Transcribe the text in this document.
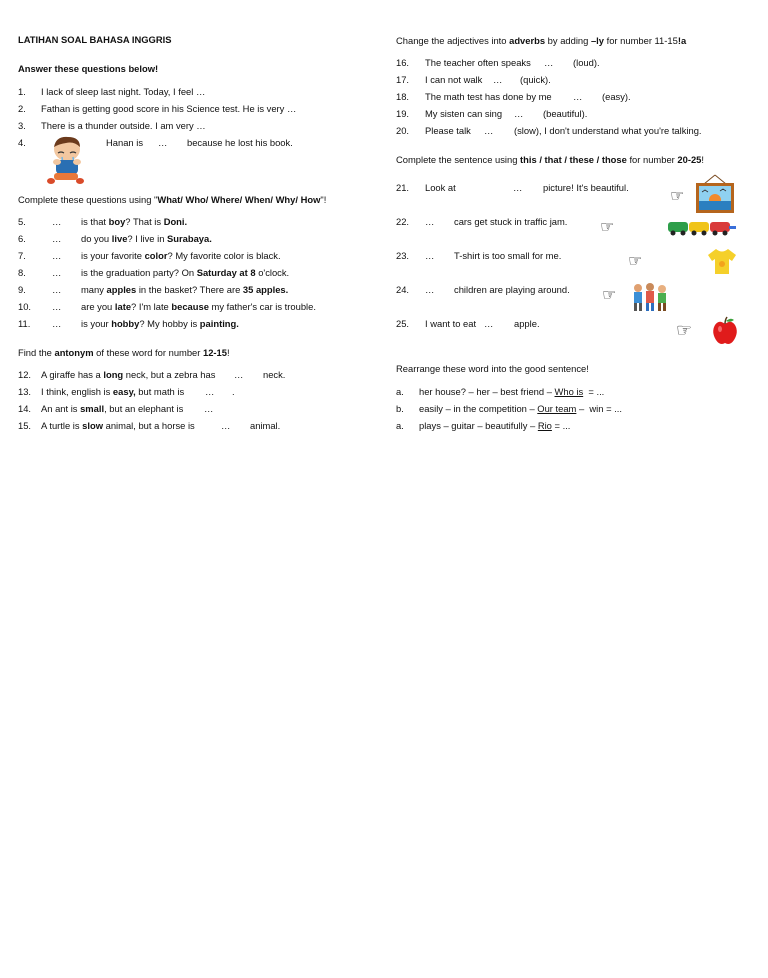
LATIHAN SOAL BAHASA INGGRIS
Answer these questions below!
1. I lack of sleep last night. Today, I feel …
2. Fathan is getting good score in his Science test. He is very …
3. There is a thunder outside. I am very …
4.	Hanan is … because he lost his book.
Complete these questions using "What/ Who/ Where/ When/ Why/ How"!
5.	… is that boy? That is Doni.
6.	… do you live? I live in Surabaya.
7.	… is your favorite color? My favorite color is black.
8.	… is the graduation party? On Saturday at 8 o'clock.
9.	… many apples in the basket? There are 35 apples.
10. … are you late? I'm late because my father's car is trouble.
11. … is your hobby? My hobby is painting.
Find the antonym of these word for number 12-15!
12. A giraffe has a long neck, but a zebra has … neck.
13. I think, english is easy, but math is … .
14. An ant is small, but an elephant is …
15. A turtle is slow animal, but a horse is	… animal.
Change the adjectives into adverbs by adding –ly for number 11-15!a
16. The teacher often speaks … (loud).
17. I can not walk … (quick).
18. The math test has done by me … (easy).
19. My sisten can sing … (beautiful).
20. Please talk … (slow), I don't understand what you're talking.
Complete the sentence using this / that / these / those for number 20-25!
21. Look at	… picture! It's beautiful.	☞
22. … cars get stuck in traffic jam. ☞
23. … T-shirt is too small for me.	☞
24. … children are playing around. ☞
25. I want to eat … apple.	☞
Rearrange these word into the good sentence!
a. her house? – her – best friend – Who is  = ...
b. easily – in the competition – Our team –  win = ...
a. plays – guitar – beautifully – Rio = ...
